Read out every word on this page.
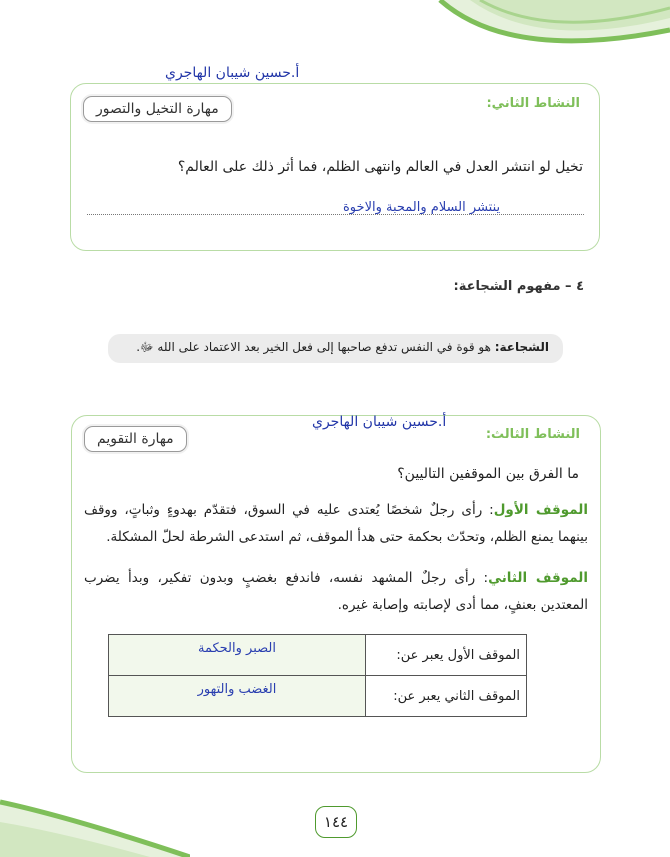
أ.حسين شيبان الهاجري
النشاط الثاني:
مهارة التخيل والتصور
تخيل لو انتشر العدل في العالم وانتهى الظلم، فما أثر ذلك على العالم؟
ينتشر السلام والمحبة والاخوة
٤ – مفهوم الشجاعة:
الشجاعة: هو قوة في النفس تدفع صاحبها إلى فعل الخير بعد الاعتماد على الله ﷻ.
أ.حسين شيبان الهاجري
النشاط الثالث:
مهارة التقويم
ما الفرق بين الموقفين التاليين؟
الموقف الأول: رأى رجلٌ شخصًا يُعتدى عليه في السوق، فتقدّم بهدوءٍ وثباتٍ، ووقف بينهما يمنع الظلم، وتحدّث بحكمة حتى هدأ الموقف، ثم استدعى الشرطة لحلّ المشكلة.
الموقف الثاني: رأى رجلٌ المشهد نفسه، فاندفع بغضبٍ وبدون تفكير، وبدأ يضرب المعتدين بعنفٍ، مما أدى لإصابته وإصابة غيره.
الموقف الأول يعبر عن:	الصبر والحكمة
الموقف الثاني يعبر عن:	الغضب والتهور
١٤٤
